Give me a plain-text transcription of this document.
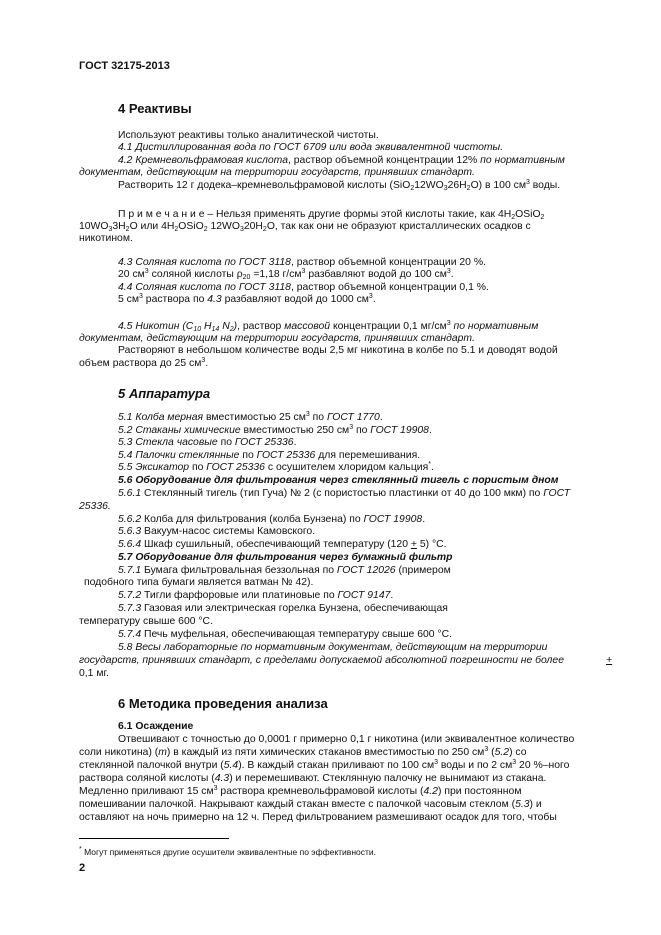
ГОСТ 32175-2013
4 Реактивы
Используют реактивы только аналитической чистоты.
4.1 Дистиллированная вода по ГОСТ 6709 или вода эквивалентной чистоты.
4.2 Кремневольфрамовая кислота, раствор объемной концентрации 12% по нормативным
документам, действующим на территории государств, принявших стандарт.
Растворить 12 г додека–кремневольфрамовой кислоты $(SiO_212WO_326H_2O)$ в 100 $см^3$ воды.
П р и м е ч а н и е – Нельзя применять другие формы этой кислоты такие, как $4H_2OSiO_2$
$10WO_33H_2O$ или $4H_2OSiO_2$ $12WO_320H_2O$, так как они не образуют кристаллических осадков с
никотином.
4.3 Соляная кислота по ГОСТ 3118, раствор объемной концентрации 20 %.
20 $см^3$ соляной кислоты $\rho_{20} =1,18$ $г/см^3$ разбавляют водой до 100 $см^3$.
4.4 Соляная кислота по ГОСТ 3118, раствор объемной концентрации 0,1 %.
5 $см^3$ раствора по 4.3 разбавляют водой до 1000 $см^3$.
4.5 Никотин ($C_{10}$ $H_{14}$ $N_2$), раствор массовой концентрации 0,1 $мг/см^3$ по нормативным
документам, действующим на территории государств, принявших стандарт.
Растворяют в небольшом количестве воды 2,5 мг никотина в колбе по 5.1 и доводят водой
объем раствора до 25 $см^3$.
5 Аппаратура
5.1 Колба мерная вместимостью 25 $см^3$ по ГОСТ 1770.
5.2 Стаканы химические вместимостью 250 $см^3$ по ГОСТ 19908.
5.3 Стекла часовые по ГОСТ 25336.
5.4 Палочки стеклянные по ГОСТ 25336 для перемешивания.
5.5 Эксикатор по ГОСТ 25336 с осушителем хлоридом кальция*.
5.6 Оборудование для фильтрования через стеклянный тигель с пористым дном
5.6.1 Стеклянный тигель (тип Гуча) № 2 (с пористостью пластинки от 40 до 100 мкм) по ГОСТ
25336.
5.6.2 Колба для фильтрования (колба Бунзена) по ГОСТ 19908.
5.6.3 Вакуум-насос системы Камовского.
5.6.4 Шкаф сушильный, обеспечивающий температуру (120 + 5) °С.
5.7 Оборудование для фильтрования через бумажный фильтр
5.7.1 Бумага фильтровальная беззольная по ГОСТ 12026 (примером
подобного типа бумаги является ватман № 42).
5.7.2 Тигли фарфоровые или платиновые по ГОСТ 9147.
5.7.3 Газовая или электрическая горелка Бунзена, обеспечивающая
температуру свыше 600 °С.
5.7.4 Печь муфельная, обеспечивающая температуру свыше 600 °С.
5.8 Весы лабораторные по нормативным документам, действующим на территории
государств, принявших стандарт, с пределами допускаемой абсолютной погрешности не более	+
0,1 мг.
6 Методика проведения анализа
6.1 Осаждение
Отвешивают с точностью до 0,0001 г примерно 0,1 г никотина (или эквивалентное количество
соли никотина) (m) в каждый из пяти химических стаканов вместимостью по 250 $см^3$ (5.2) со
стеклянной палочкой внутри (5.4). В каждый стакан приливают по 100 $см^3$ воды и по 2 $см^3$ 20 %–ного
раствора соляной кислоты (4.3) и перемешивают. Стеклянную палочку не вынимают из стакана.
Медленно приливают 15 $см^3$ раствора кремневольфрамовой кислоты (4.2) при постоянном
помешивании палочкой. Накрывают каждый стакан вместе с палочкой часовым стеклом (5.3) и
оставляют на ночь примерно на 12 ч. Перед фильтрованием размешивают осадок для того, чтобы
* Могут применяться другие осушители эквивалентные по эффективности.
2
